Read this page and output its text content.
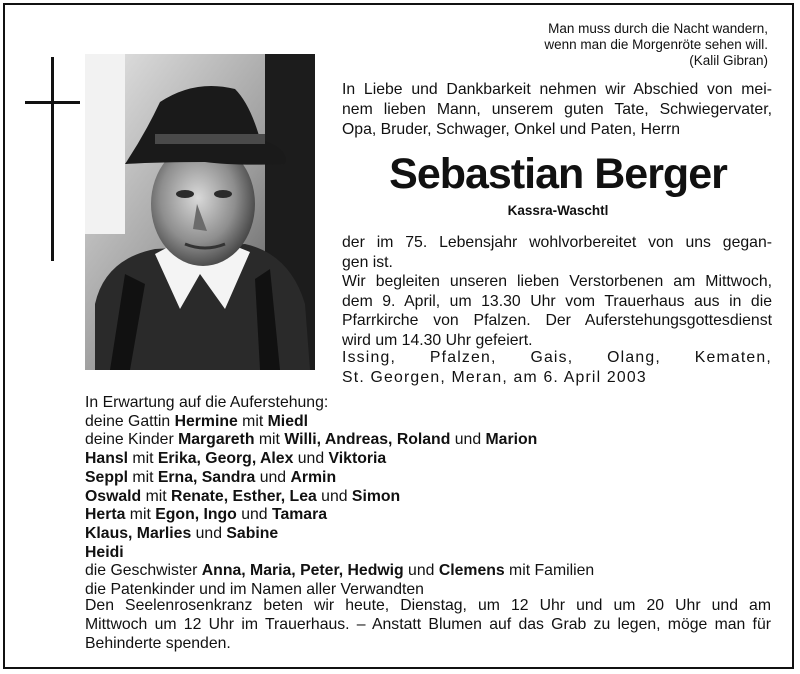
Man muss durch die Nacht wandern,
wenn man die Morgenröte sehen will.
(Kalil Gibran)
In Liebe und Dankbarkeit nehmen wir Abschied von mei-
nem lieben Mann, unserem guten Tate, Schwiegervater,
Opa, Bruder, Schwager, Onkel und Paten, Herrn
Sebastian Berger
Kassra-Waschtl
der im 75. Lebensjahr wohlvorbereitet von uns gegan-
gen ist.
Wir begleiten unseren lieben Verstorbenen am Mittwoch,
dem 9. April, um 13.30 Uhr vom Trauerhaus aus in die
Pfarrkirche von Pfalzen. Der Auferstehungsgottesdienst
wird um 14.30 Uhr gefeiert.
Issing, Pfalzen, Gais, Olang, Kematen,
St. Georgen, Meran, am 6. April 2003
In Erwartung auf die Auferstehung:
deine Gattin Hermine mit Miedl
deine Kinder Margareth mit Willi, Andreas, Roland und Marion
Hansl mit Erika, Georg, Alex und Viktoria
Seppl mit Erna, Sandra und Armin
Oswald mit Renate, Esther, Lea und Simon
Herta mit Egon, Ingo und Tamara
Klaus, Marlies und Sabine
Heidi
die Geschwister Anna, Maria, Peter, Hedwig und Clemens mit Familien
die Patenkinder und im Namen aller Verwandten
Den Seelenrosenkranz beten wir heute, Dienstag, um 12 Uhr und um 20 Uhr und am
Mittwoch um 12 Uhr im Trauerhaus. – Anstatt Blumen auf das Grab zu legen, möge man für
Behinderte spenden.
